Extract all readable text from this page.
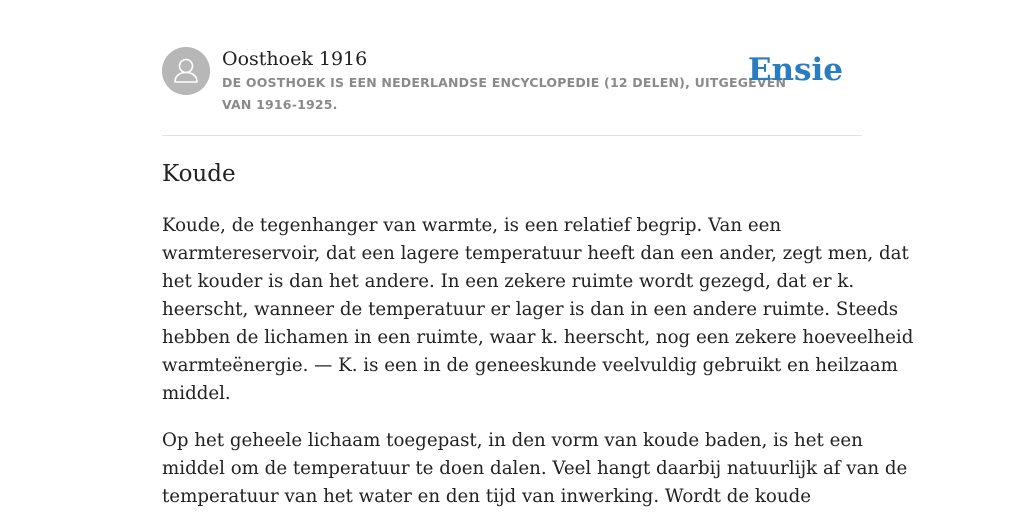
Oosthoek 1916
DE OOSTHOEK IS EEN NEDERLANDSE ENCYCLOPEDIE (12 DELEN), UITGEGEVEN
VAN 1916-1925.
Ensie
Koude

Koude, de tegenhanger van warmte, is een relatief begrip. Van een
warmtereservoir, dat een lagere temperatuur heeft dan een ander, zegt men, dat
het kouder is dan het andere. In een zekere ruimte wordt gezegd, dat er k.
heerscht, wanneer de temperatuur er lager is dan in een andere ruimte. Steeds
hebben de lichamen in een ruimte, waar k. heerscht, nog een zekere hoeveelheid
warmteënergie. — K. is een in de geneeskunde veelvuldig gebruikt en heilzaam
middel.

Op het geheele lichaam toegepast, in den vorm van koude baden, is het een
middel om de temperatuur te doen dalen. Veel hangt daarbij natuurlijk af van de
temperatuur van het water en den tijd van inwerking. Wordt de koude
